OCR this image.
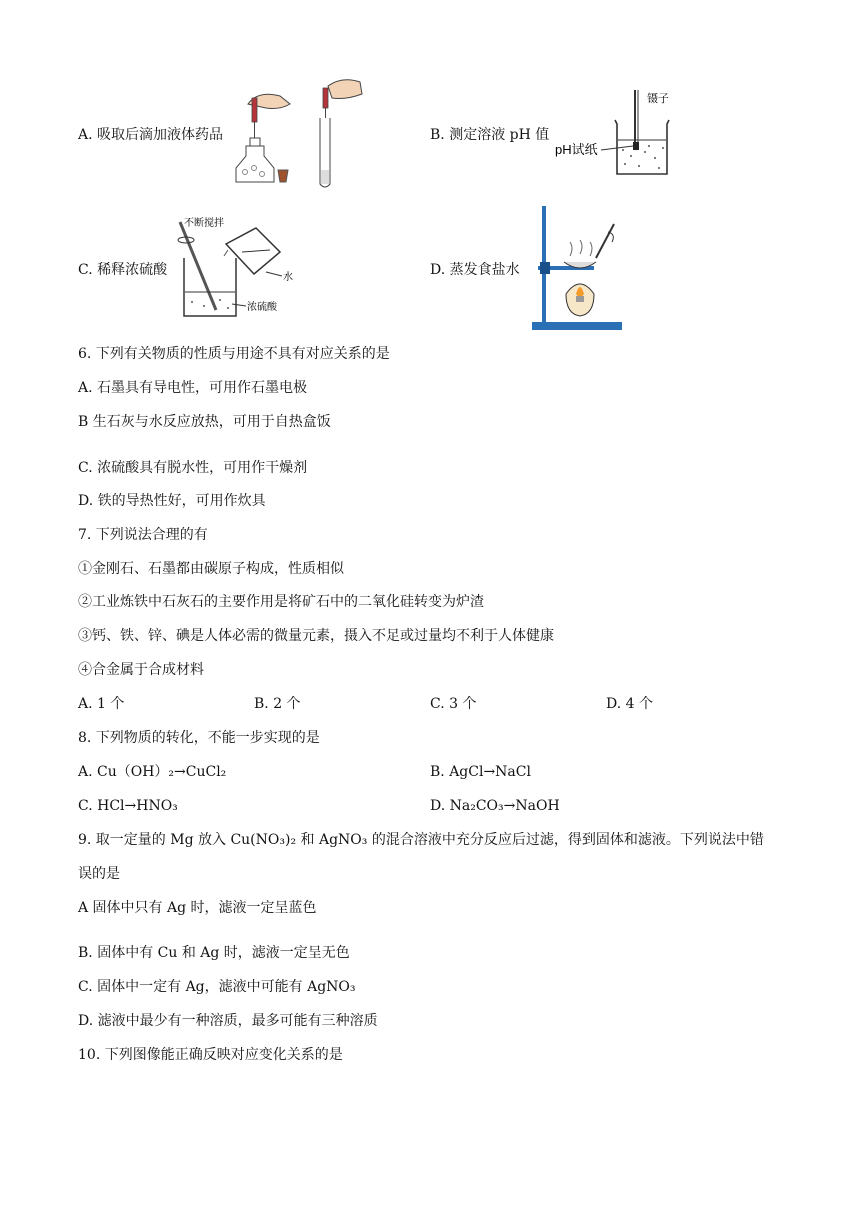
A. 吸取后滴加液体药品	B. 测定溶液 pH 值
C. 稀释浓硫酸	D. 蒸发食盐水
镊子
pH试纸
不断搅拌
水
浓硫酸
6. 下列有关物质的性质与用途不具有对应关系的是
A. 石墨具有导电性，可用作石墨电极
B 生石灰与水反应放热，可用于自热盒饭
C. 浓硫酸具有脱水性，可用作干燥剂
D. 铁的导热性好，可用作炊具
7. 下列说法合理的有
①金刚石、石墨都由碳原子构成，性质相似
②工业炼铁中石灰石的主要作用是将矿石中的二氧化硅转变为炉渣
③钙、铁、锌、碘是人体必需的微量元素，摄入不足或过量均不利于人体健康
④合金属于合成材料
A. 1 个	B. 2 个	C. 3 个	D. 4 个
8. 下列物质的转化，不能一步实现的是
A. Cu（OH）₂→CuCl₂	B. AgCl→NaCl
C. HCl→HNO₃	D. Na₂CO₃→NaOH
9. 取一定量的 Mg 放入 Cu(NO₃)₂ 和 AgNO₃ 的混合溶液中充分反应后过滤，得到固体和滤液。下列说法中错
误的是
A 固体中只有 Ag 时，滤液一定呈蓝色
B. 固体中有 Cu 和 Ag 时，滤液一定呈无色
C. 固体中一定有 Ag，滤液中可能有 AgNO₃
D. 滤液中最少有一种溶质，最多可能有三种溶质
10. 下列图像能正确反映对应变化关系的是
